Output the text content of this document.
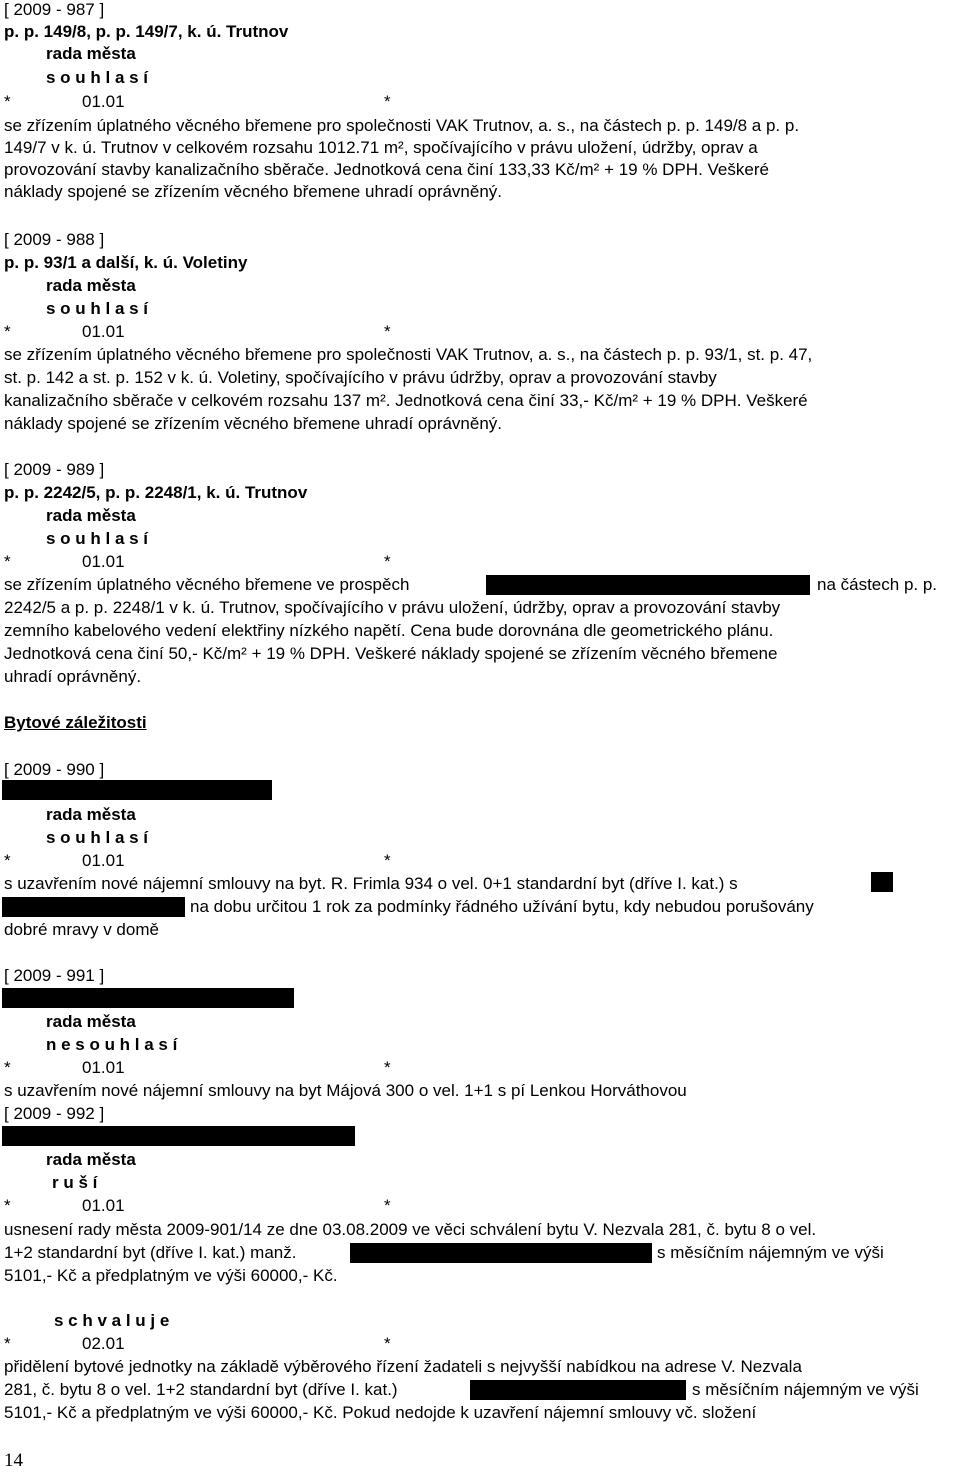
[ 2009 - 987 ]
p. p. 149/8, p. p. 149/7, k. ú. Trutnov
rada města
s o u h l a s í
*	01.01	*
se zřízením úplatného věcného břemene pro společnosti VAK Trutnov, a. s., na částech p. p. 149/8 a p. p.
149/7 v k. ú. Trutnov v celkovém rozsahu 1012.71 m², spočívajícího v právu uložení, údržby, oprav a
provozování stavby kanalizačního sběrače. Jednotková cena činí 133,33 Kč/m² + 19 % DPH. Veškeré
náklady spojené se zřízením věcného břemene uhradí oprávněný.
[ 2009 - 988 ]
p. p. 93/1 a další, k. ú. Voletiny
rada města
s o u h l a s í
*	01.01	*
se zřízením úplatného věcného břemene pro společnosti VAK Trutnov, a. s., na částech p. p. 93/1, st. p. 47,
st. p. 142 a st. p. 152 v k. ú. Voletiny, spočívajícího v právu údržby, oprav a provozování stavby
kanalizačního sběrače v celkovém rozsahu 137 m². Jednotková cena činí 33,- Kč/m² + 19 % DPH. Veškeré
náklady spojené se zřízením věcného břemene uhradí oprávněný.
[ 2009 - 989 ]
p. p. 2242/5, p. p. 2248/1, k. ú. Trutnov
rada města
s o u h l a s í
*	01.01	*
se zřízením úplatného věcného břemene ve prospěch	na částech p. p.
2242/5 a p. p. 2248/1 v k. ú. Trutnov, spočívajícího v právu uložení, údržby, oprav a provozování stavby
zemního kabelového vedení elektřiny nízkého napětí. Cena bude dorovnána dle geometrického plánu.
Jednotková cena činí 50,- Kč/m² + 19 % DPH. Veškeré náklady spojené se zřízením věcného břemene
uhradí oprávněný.
Bytové záležitosti
[ 2009 - 990 ]
rada města
s o u h l a s í
*	01.01	*
s uzavřením nové nájemní smlouvy na byt. R. Frimla 934 o vel. 0+1 standardní byt (dříve I. kat.) s
na dobu určitou 1 rok za podmínky řádného užívání bytu, kdy nebudou porušovány
dobré mravy v domě
[ 2009 - 991 ]
rada města
n e s o u h l a s í
*	01.01	*
s uzavřením nové nájemní smlouvy na byt Májová 300 o vel. 1+1 s pí Lenkou Horváthovou
[ 2009 - 992 ]
rada města
r u š í
*	01.01	*
usnesení rady města 2009-901/14 ze dne 03.08.2009 ve věci schválení bytu V. Nezvala 281, č. bytu 8 o vel.
1+2 standardní byt (dříve I. kat.) manž.	s měsíčním nájemným ve výši
5101,- Kč a předplatným ve výši 60000,- Kč.
s c h v a l u j e
*	02.01	*
přidělení bytové jednotky na základě výběrového řízení žadateli s nejvyšší nabídkou na adrese V. Nezvala
281, č. bytu 8 o vel. 1+2 standardní byt (dříve I. kat.)	s měsíčním nájemným ve výši
5101,- Kč a předplatným ve výši 60000,- Kč. Pokud nedojde k uzavření nájemní smlouvy vč. složení
14
